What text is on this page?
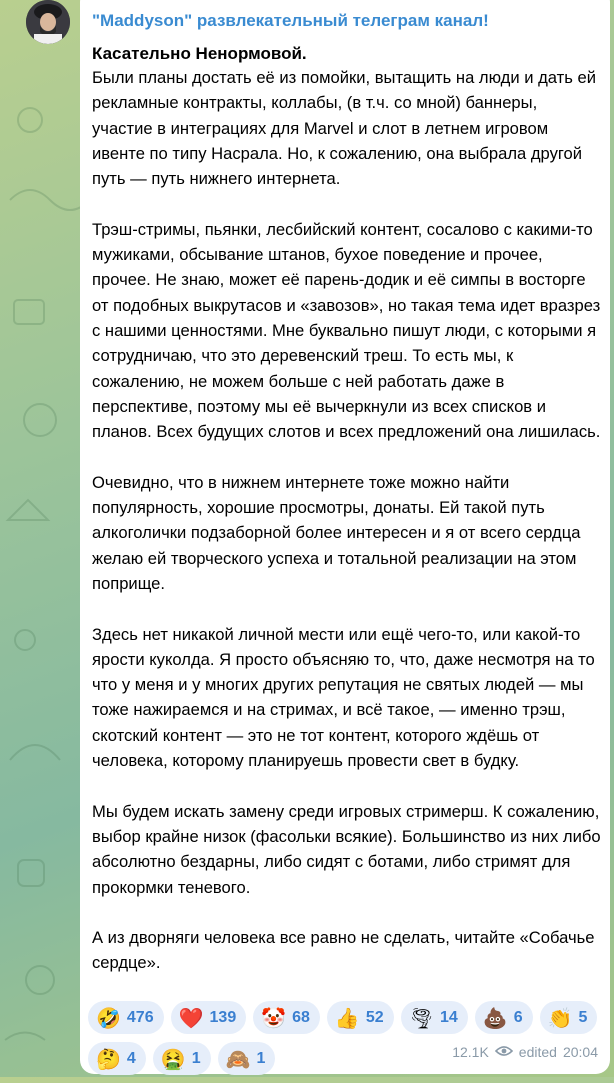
"Maddyson" развлекательный телеграм канал!
Касательно Ненормовой.

Были планы достать её из помойки, вытащить на люди и дать ей рекламные контракты, коллабы, (в т.ч. со мной) баннеры, участие в интеграциях для Marvel и слот в летнем игровом ивенте по типу Насрала. Но, к сожалению, она выбрала другой путь — путь нижнего интернета.

Трэш-стримы, пьянки, лесбийский контент, сосалово с какими-то мужиками, обсывание штанов, бухое поведение и прочее, прочее. Не знаю, может её парень-додик и её симпы в восторге от подобных выкрутасов и «завозов», но такая тема идет вразрез с нашими ценностями. Мне буквально пишут люди, с которыми я сотрудничаю, что это деревенский треш. То есть мы, к сожалению, не можем больше с ней работать даже в перспективе, поэтому мы её вычеркнули из всех списков и планов. Всех будущих слотов и всех предложений она лишилась.

Очевидно, что в нижнем интернете тоже можно найти популярность, хорошие просмотры, донаты. Ей такой путь алкоголички подзаборной более интересен и я от всего сердца желаю ей творческого успеха и тотальной реализации на этом поприще.

Здесь нет никакой личной мести или ещё чего-то, или какой-то ярости куколда. Я просто объясняю то, что, даже несмотря на то что у меня и у многих других репутация не святых людей — мы тоже нажираемся и на стримах, и всё такое, — именно трэш, скотский контент — это не тот контент, которого ждёшь от человека, которому планируешь провести свет в будку.

Мы будем искать замену среди игровых стримерш. К сожалению, выбор крайне низок (фасольки всякие). Большинство из них либо абсолютно бездарны, либо сидят с ботами, либо стримят для прокормки теневого.

А из дворняги человека все равно не сделать, читайте «Собачье сердце».

🤣 476 ❤️ 139 🤡 68 👍 52 🌪 14 💩 6 👏 5
🤔 4 🤮 1 🙈 1	12.1K edited 20:04
